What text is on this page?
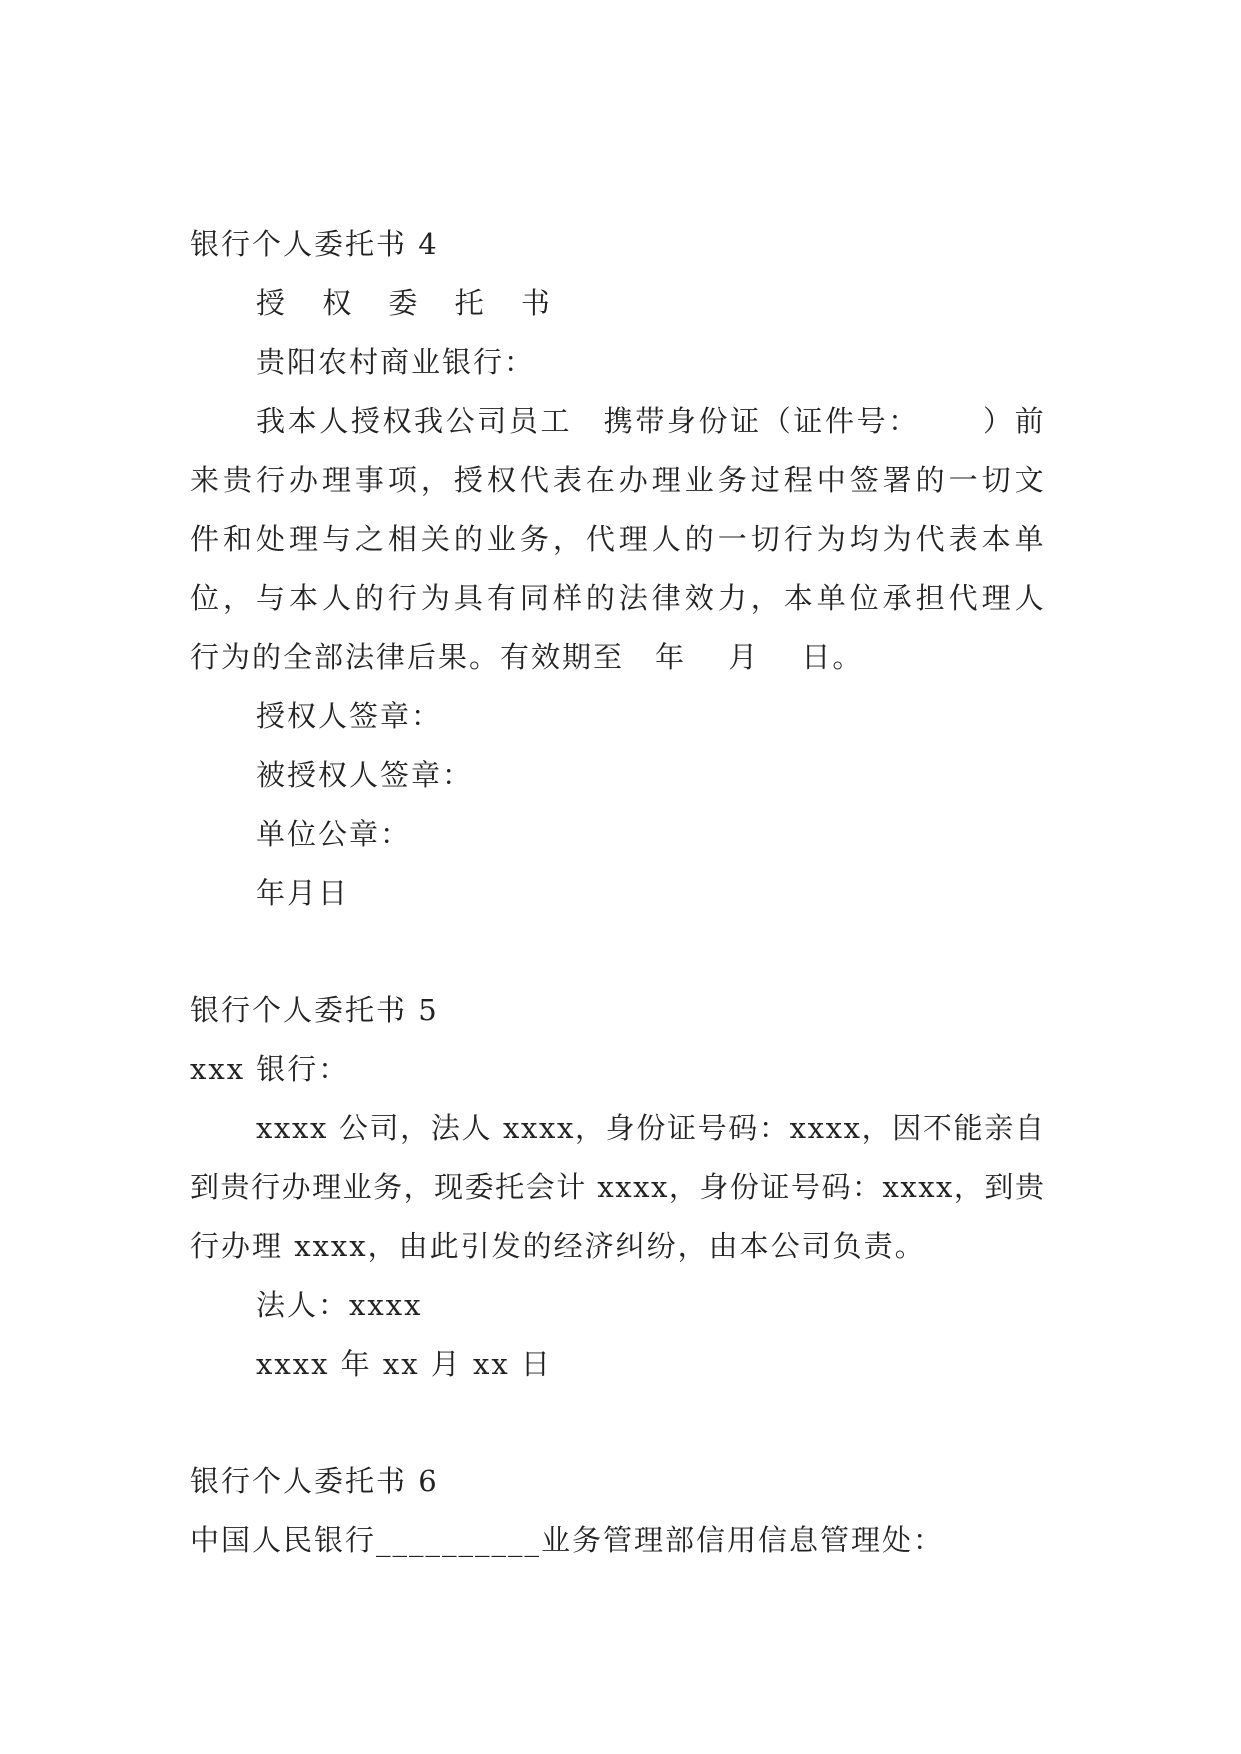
银行个人委托书 4
授 权 委 托 书
贵阳农村商业银行：
我 本 人 授 权 我 公 司 员 工
　 携 带 身 份 证 （ 证 件 号 ：

　 ） 前
来 贵 行 办 理 事 项 ， 授 权 代 表 在 办 理 业 务 过 程 中 签 署 的 一 切 文
件 和 处 理 与 之 相 关 的 业 务 ， 代 理 人 的 一 切 行 为 均 为 代 表 本 单
位 ， 与 本 人 的 行 为 具 有 同 样 的 法 律 效 力 ， 本 单 位 承 担 代 理 人
行为的全部法律后果。有效期至　年　 月　 日。
授权人签章：
被授权人签章：
单位公章：
年月日
银行个人委托书 5
xxx 银行：
x x x x
公 司 ， 法 人
x x x x ， 身 份 证 号 码 ： x x x x ， 因 不 能 亲 自
到 贵 行 办 理 业 务 ， 现 委 托 会 计
x x x x ， 身 份 证 号 码 ： x x x x ， 到 贵
行办理 xxxx，由此引发的经济纠纷，由本公司负责。
法人：xxxx
xxxx 年 xx 月 xx 日
银行个人委托书 6
中国人民银行__________业务管理部信用信息管理处：
